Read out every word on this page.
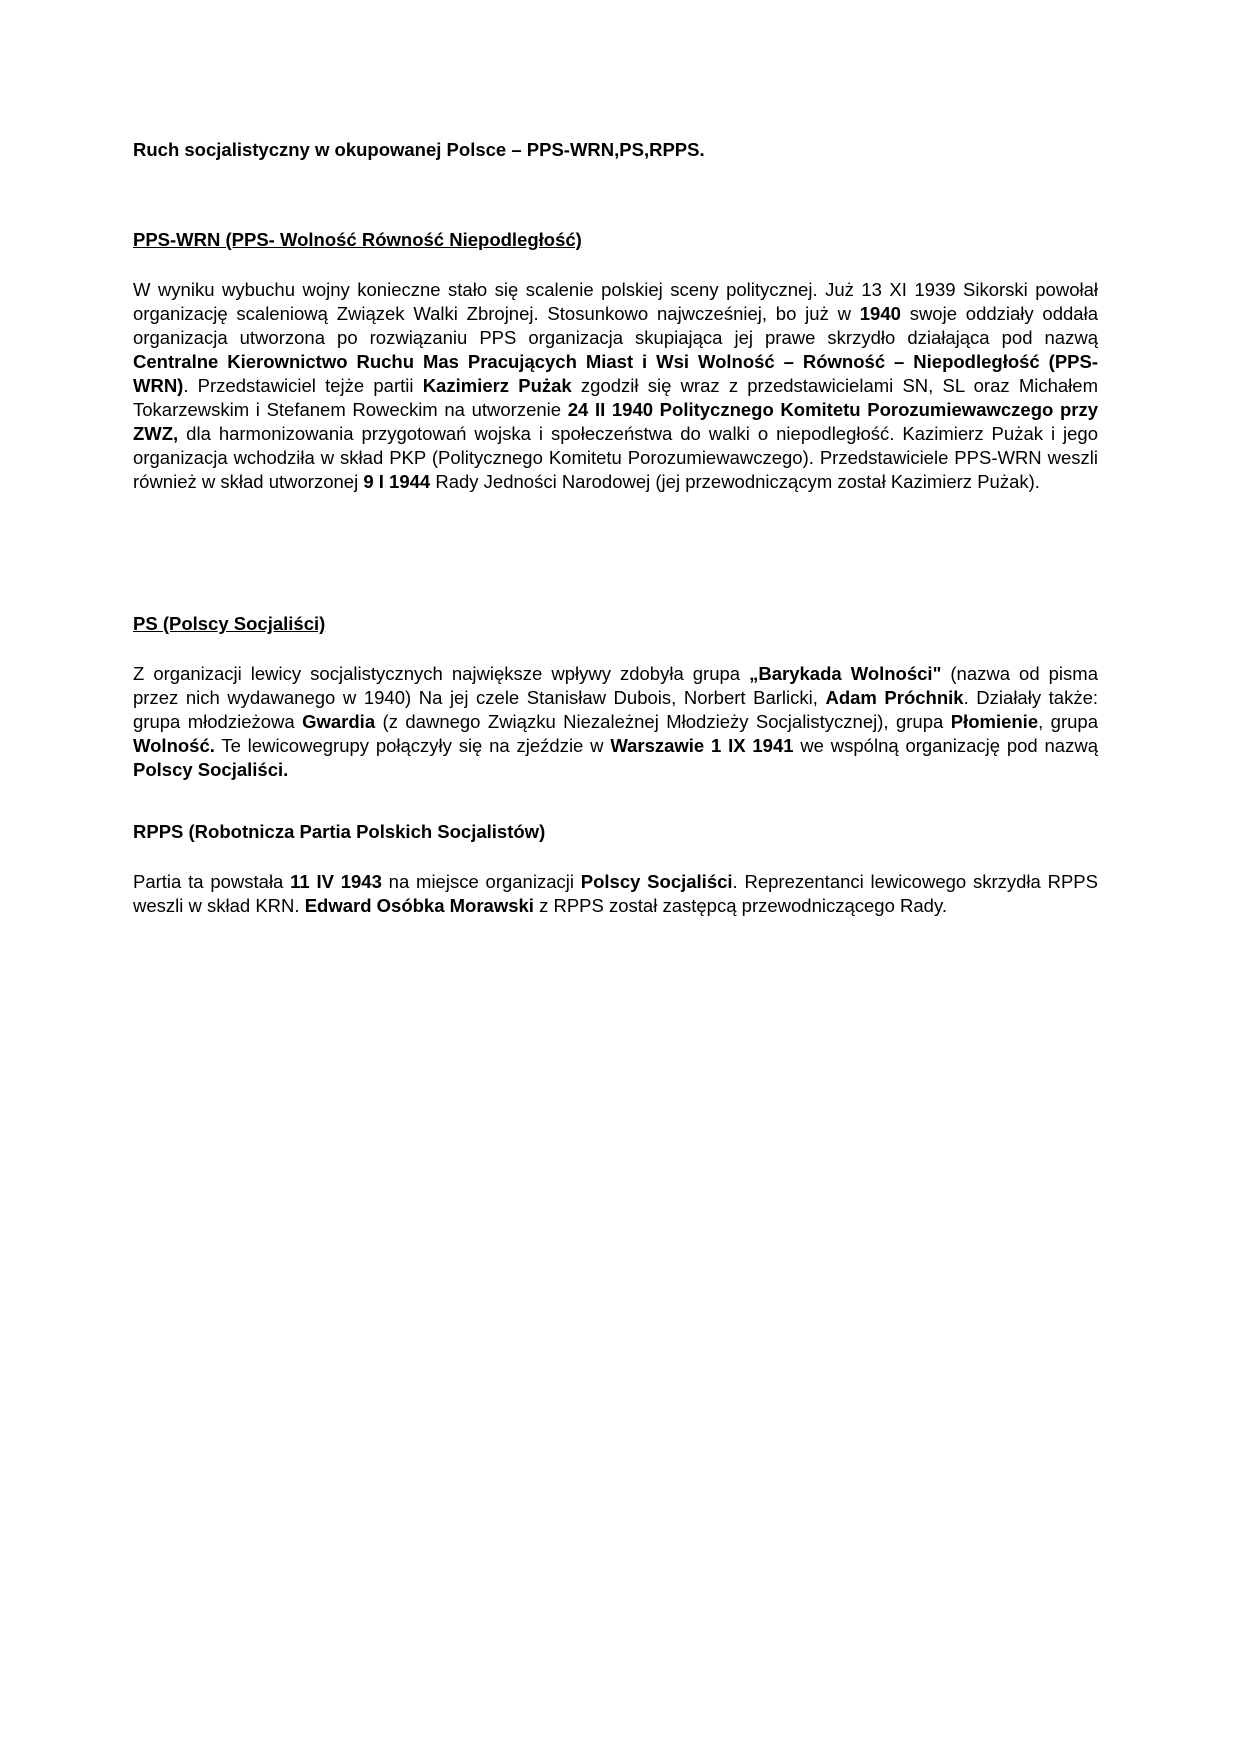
Ruch socjalistyczny w okupowanej Polsce – PPS-WRN,PS,RPPS.
PPS-WRN (PPS- Wolność Równość Niepodległość)

W wyniku wybuchu wojny konieczne stało się scalenie polskiej sceny politycznej. Już 13 XI 1939 Sikorski powołał organizację scaleniową Związek Walki Zbrojnej. Stosunkowo najwcześniej, bo już w 1940 swoje oddziały oddała organizacja utworzona po rozwiązaniu PPS organizacja skupiająca jej prawe skrzydło działająca pod nazwą Centralne Kierownictwo Ruchu Mas Pracujących Miast i Wsi Wolność – Równość – Niepodległość (PPS-WRN). Przedstawiciel tejże partii Kazimierz Pużak zgodził się wraz z przedstawicielami SN, SL oraz Michałem Tokarzewskim i Stefanem Roweckim na utworzenie 24 II 1940 Politycznego Komitetu Porozumiewawczego przy ZWZ, dla harmonizowania przygotowań wojska i społeczeństwa do walki o niepodległość. Kazimierz Pużak i jego organizacja wchodziła w skład PKP (Politycznego Komitetu Porozumiewawczego). Przedstawiciele PPS-WRN weszli również w skład utworzonej 9 I 1944 Rady Jedności Narodowej (jej przewodniczącym został Kazimierz Pużak).

PS (Polscy Socjaliści)

Z organizacji lewicy socjalistycznych największe wpływy zdobyła grupa „Barykada Wolności" (nazwa od pisma przez nich wydawanego w 1940) Na jej czele Stanisław Dubois, Norbert Barlicki, Adam Próchnik. Działały także: grupa młodzieżowa Gwardia (z dawnego Związku Niezależnej Młodzieży Socjalistycznej), grupa Płomienie, grupa Wolność. Te lewicowegrupy połączyły się na zjeździe w Warszawie 1 IX 1941 we wspólną organizację pod nazwą Polscy Socjaliści.

RPPS (Robotnicza Partia Polskich Socjalistów)

Partia ta powstała 11 IV 1943 na miejsce organizacji Polscy Socjaliści. Reprezentanci lewicowego skrzydła RPPS weszli w skład KRN. Edward Osóbka Morawski z RPPS został zastępcą przewodniczącego Rady.
